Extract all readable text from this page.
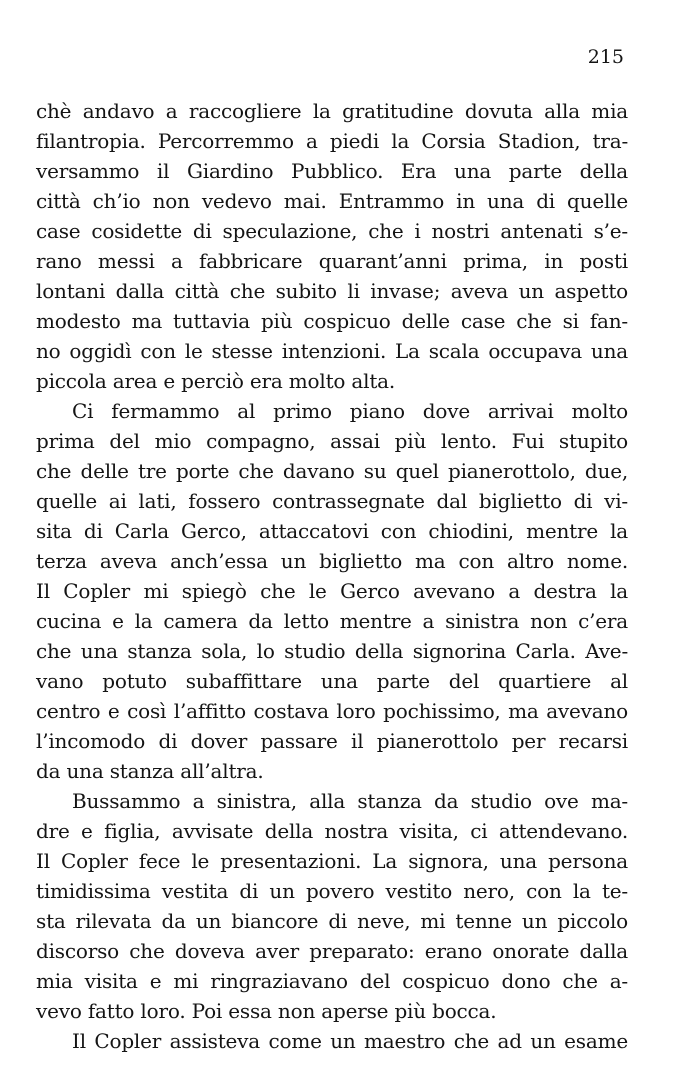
215
chè andavo a raccogliere la gratitudine dovuta alla mia
filantropia. Percorremmo a piedi la Corsia Stadion, tra-
versammo il Giardino Pubblico. Era una parte della
città ch’io non vedevo mai. Entrammo in una di quelle
case cosidette di speculazione, che i nostri antenati s’e-
rano messi a fabbricare quarant’anni prima, in posti
lontani dalla città che subito li invase; aveva un aspetto
modesto ma tuttavia più cospicuo delle case che si fan-
no oggidì con le stesse intenzioni. La scala occupava una
piccola area e perciò era molto alta.
Ci fermammo al primo piano dove arrivai molto
prima del mio compagno, assai più lento. Fui stupito
che delle tre porte che davano su quel pianerottolo, due,
quelle ai lati, fossero contrassegnate dal biglietto di vi-
sita di Carla Gerco, attaccatovi con chiodini, mentre la
terza aveva anch’essa un biglietto ma con altro nome.
Il Copler mi spiegò che le Gerco avevano a destra la
cucina e la camera da letto mentre a sinistra non c’era
che una stanza sola, lo studio della signorina Carla. Ave-
vano potuto subaffittare una parte del quartiere al
centro e così l’affitto costava loro pochissimo, ma avevano
l’incomodo di dover passare il pianerottolo per recarsi
da una stanza all’altra.
Bussammo a sinistra, alla stanza da studio ove ma-
dre e figlia, avvisate della nostra visita, ci attendevano.
Il Copler fece le presentazioni. La signora, una persona
timidissima vestita di un povero vestito nero, con la te-
sta rilevata da un biancore di neve, mi tenne un piccolo
discorso che doveva aver preparato: erano onorate dalla
mia visita e mi ringraziavano del cospicuo dono che a-
vevo fatto loro. Poi essa non aperse più bocca.
Il Copler assisteva come un maestro che ad un esame
